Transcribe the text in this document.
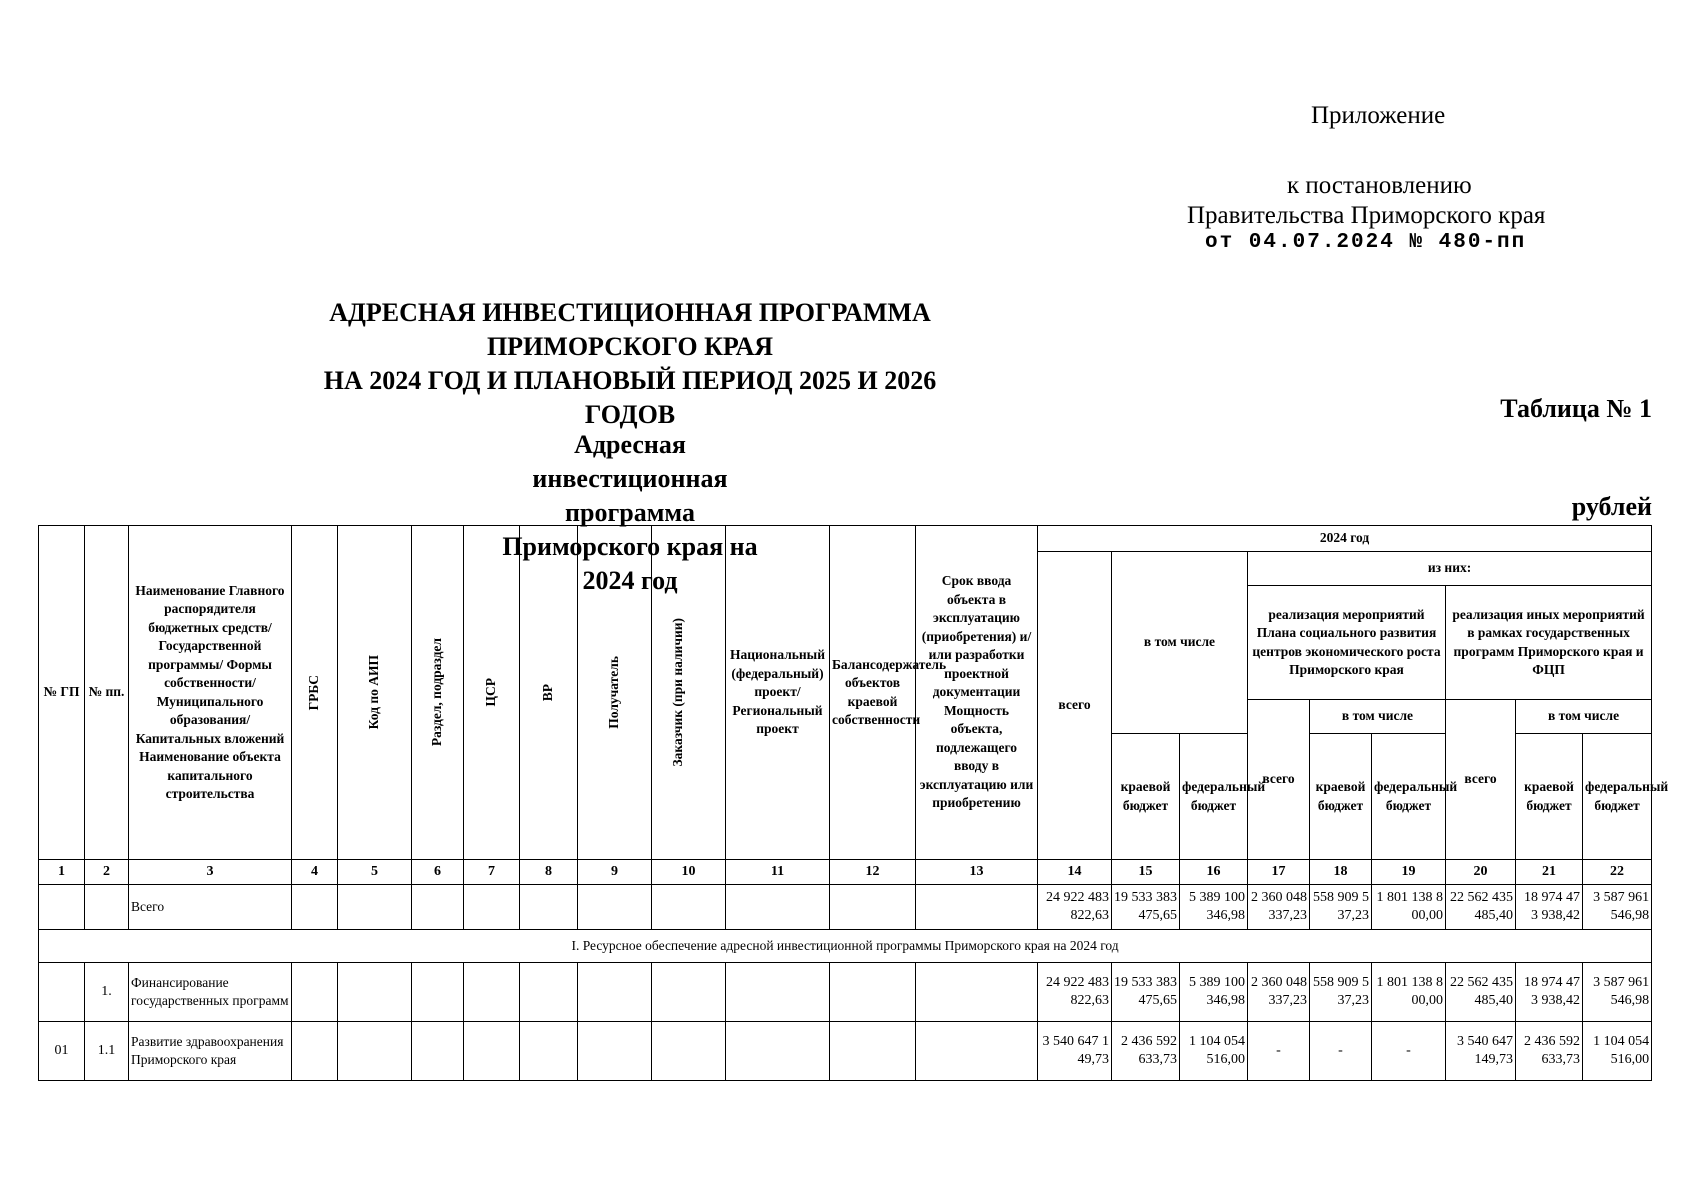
Приложение
к постановлению
Правительства Приморского края
от 04.07.2024 № 480-пп
АДРЕСНАЯ ИНВЕСТИЦИОННАЯ ПРОГРАММА
ПРИМОРСКОГО КРАЯ
НА 2024 ГОД И ПЛАНОВЫЙ ПЕРИОД 2025 И 2026 ГОДОВ	Таблица № 1
Адресная инвестиционная программа
Приморского края на 2024 год
рублей
№ ГП	№ пп.	Наименование Главного распорядителя бюджетных средств/Государственной программы/ Формы собственности/Муниципального образования/Капитальных вложений Наименование объекта капитального строительства	ГРБС	Код по АИП	Раздел, подраздел	ЦСР	ВР	Получатель	Заказчик (при наличии)	Национальный (федеральный) проект/ Региональный проект	Балансодержатель объектов краевой собственности	Срок ввода объекта в эксплуатацию (приобретения) и/или разработки проектной документации Мощность объекта, подлежащего вводу в эксплуатацию или приобретению	2024 год								
													всего	в том числе		из них:					
																реализация мероприятий Плана социального развития центров экономического роста Приморского края			реализация иных мероприятий в рамках государственных программ Приморского края и ФЦП		
																всего	в том числе		всего	в том числе	
														краевой бюджет	федеральный бюджет		краевой бюджет	федеральный бюджет		краевой бюджет	федеральный бюджет
1	2	3	4	5	6	7	8	9	10	11	12	13	14	15	16	17	18	19	20	21	22
		Всего											24 922 483 822,63	19 533 383 475,65	5 389 100 346,98	2 360 048 337,23	558 909 537,23	1 801 138 800,00	22 562 435 485,40	18 974 473 938,42	3 587 961 546,98
I. Ресурсное обеспечение адресной инвестиционной программы Приморского края на 2024 год																					
	1.	Финансирование государственных программ											24 922 483 822,63	19 533 383 475,65	5 389 100 346,98	2 360 048 337,23	558 909 537,23	1 801 138 800,00	22 562 435 485,40	18 974 473 938,42	3 587 961 546,98
01	1.1	Развитие здравоохранения Приморского края											3 540 647 149,73	2 436 592 633,73	1 104 054 516,00	-	-	-	3 540 647 149,73	2 436 592 633,73	1 104 054 516,00
